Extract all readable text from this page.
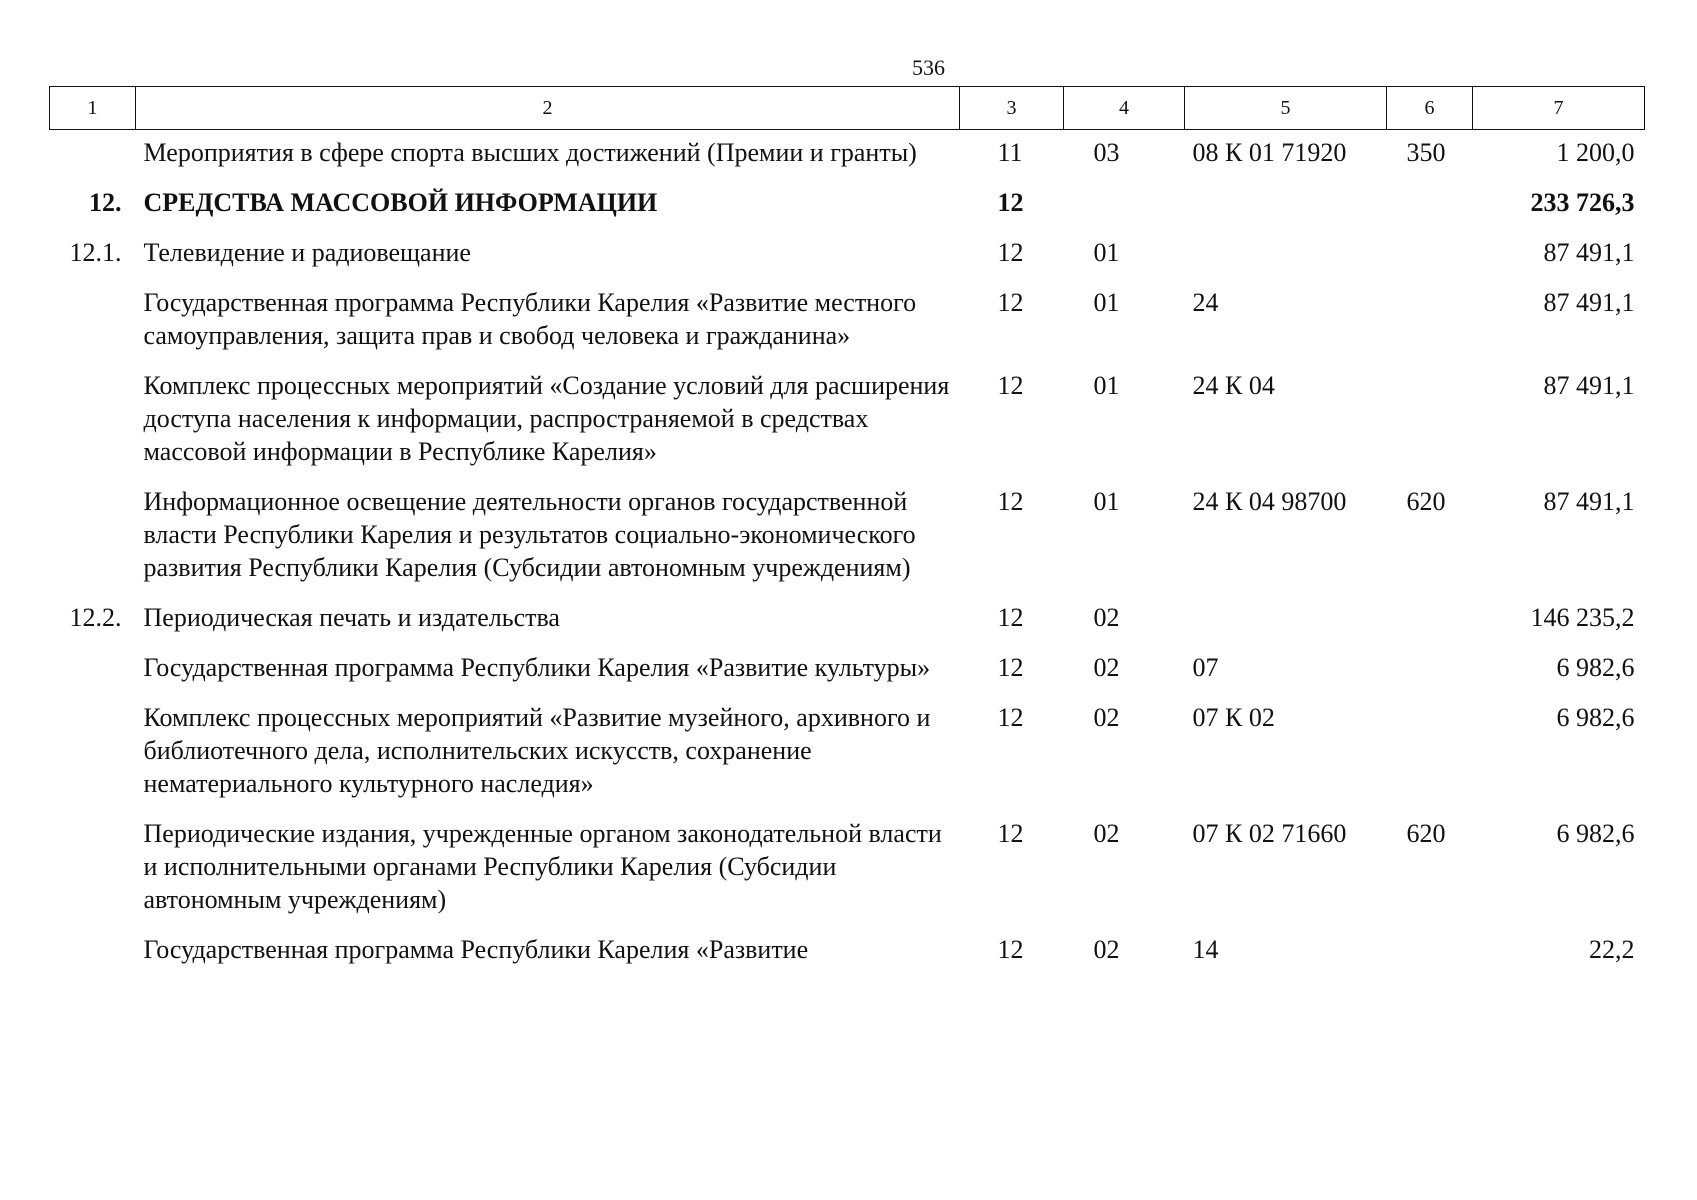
536
1	2	3	4	5	6	7
	Мероприятия в сфере спорта высших достижений (Премии и гранты)	11	03	08 К 01 71920	350	1 200,0
12.	СРЕДСТВА МАССОВОЙ ИНФОРМАЦИИ	12				233 726,3
12.1.	Телевидение и радиовещание	12	01			87 491,1
	Государственная программа Республики Карелия «Развитие местного самоуправления, защита прав и свобод человека и гражданина»	12	01	24		87 491,1
	Комплекс процессных мероприятий «Создание условий для расширения доступа населения к информации, распространяемой в средствах массовой информации в Республике Карелия»	12	01	24 К 04		87 491,1
	Информационное освещение деятельности органов государственной власти Республики Карелия и результатов социально-экономического развития Республики Карелия (Субсидии автономным учреждениям)	12	01	24 К 04 98700	620	87 491,1
12.2.	Периодическая печать и издательства	12	02			146 235,2
	Государственная программа Республики Карелия «Развитие культуры»	12	02	07		6 982,6
	Комплекс процессных мероприятий «Развитие музейного, архивного и библиотечного дела, исполнительских искусств, сохранение нематериального культурного наследия»	12	02	07 К 02		6 982,6
	Периодические издания, учрежденные органом законодательной власти и исполнительными органами Республики Карелия (Субсидии автономным учреждениям)	12	02	07 К 02 71660	620	6 982,6
	Государственная программа Республики Карелия «Развитие	12	02	14		22,2
